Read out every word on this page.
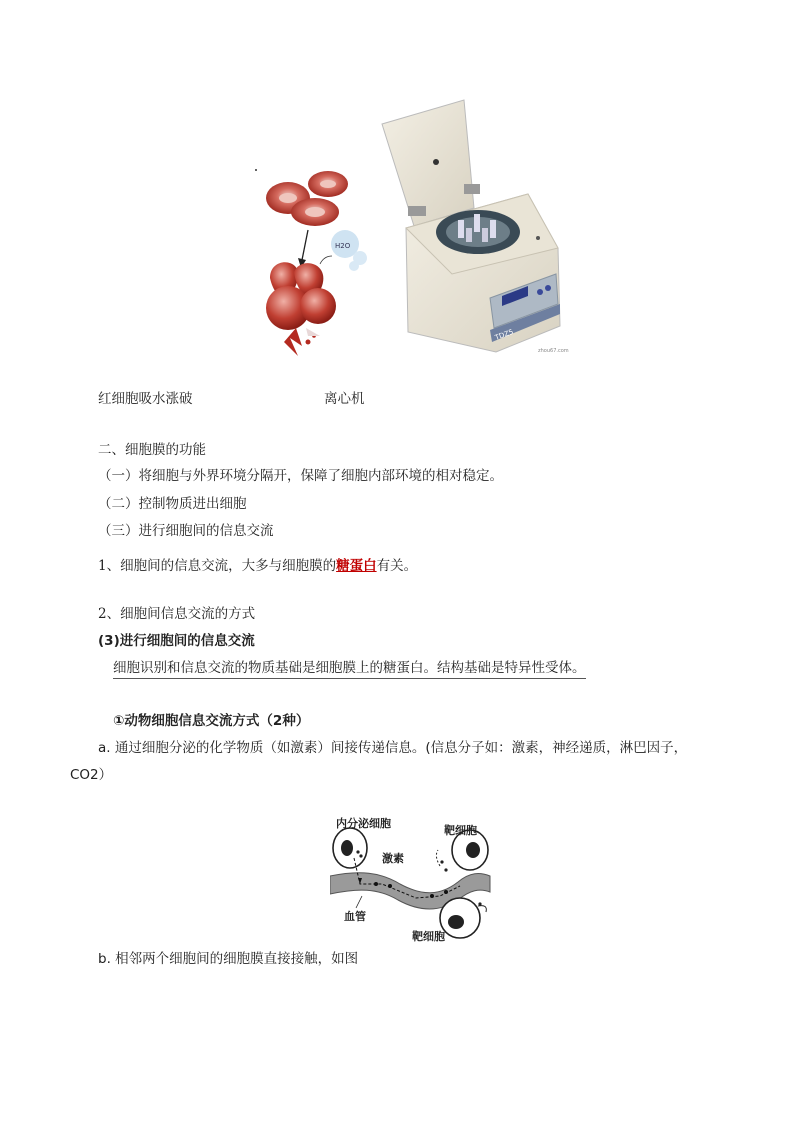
H2O
TDZ5
zhou67.com
红细胞吸水涨破	离心机
二、细胞膜的功能
（一）将细胞与外界环境分隔开，保障了细胞内部环境的相对稳定。
（二）控制物质进出细胞
（三）进行细胞间的信息交流
1、细胞间的信息交流，大多与细胞膜的糖蛋白有关。
2、细胞间信息交流的方式
(3)进行细胞间的信息交流
细胞识别和信息交流的物质基础是细胞膜上的糖蛋白。结构基础是特异性受体。
①动物细胞信息交流方式（2种）
a. 通过细胞分泌的化学物质（如激素）间接传递信息。(信息分子如：激素，神经递质，淋巴因子，
CO2）
内分泌细胞
靶细胞
激素
血管
靶细胞
b. 相邻两个细胞间的细胞膜直接接触，如图
